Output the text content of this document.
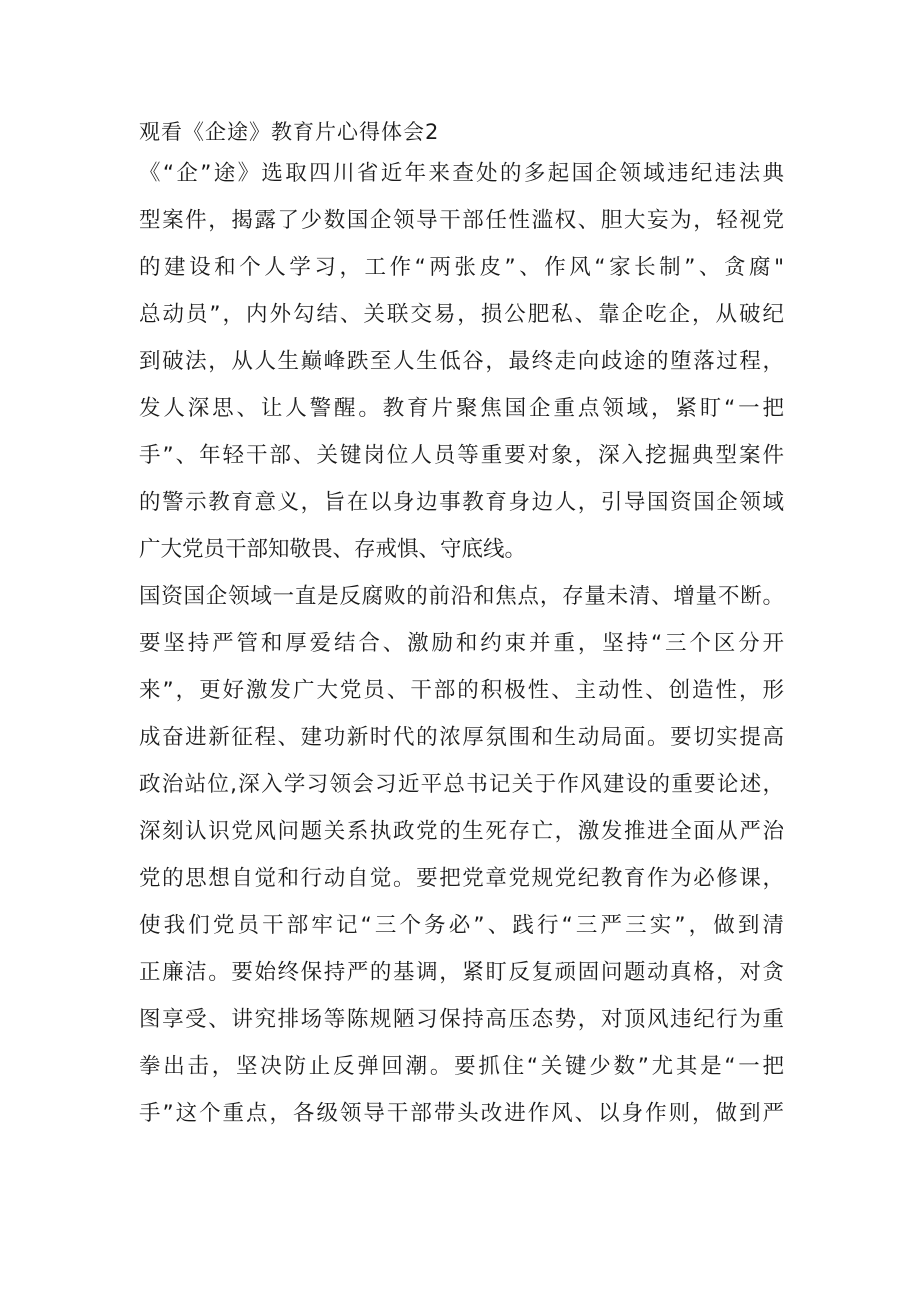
观看《企途》教育片心得体会2
《“企”途》选取四川省近年来查处的多起国企领域违纪违法典
型案件，揭露了少数国企领导干部任性滥权、胆大妄为，轻视党
的建设和个人学习，工作“两张皮”、作风“家长制”、贪腐"
总动员”，内外勾结、关联交易，损公肥私、靠企吃企，从破纪
到破法，从人生巅峰跌至人生低谷，最终走向歧途的堕落过程，
发人深思、让人警醒。教育片聚焦国企重点领域，紧盯“一把
手”、年轻干部、关键岗位人员等重要对象，深入挖掘典型案件
的警示教育意义，旨在以身边事教育身边人，引导国资国企领域
广大党员干部知敬畏、存戒惧、守底线。
国资国企领域一直是反腐败的前沿和焦点，存量未清、增量不断。
要坚持严管和厚爱结合、激励和约束并重，坚持“三个区分开
来”，更好激发广大党员、干部的积极性、主动性、创造性，形
成奋进新征程、建功新时代的浓厚氛围和生动局面。要切实提高
政治站位,深入学习领会习近平总书记关于作风建设的重要论述，
深刻认识党风问题关系执政党的生死存亡，激发推进全面从严治
党的思想自觉和行动自觉。要把党章党规党纪教育作为必修课，
使我们党员干部牢记“三个务必”、践行“三严三实”，做到清
正廉洁。要始终保持严的基调，紧盯反复顽固问题动真格，对贪
图享受、讲究排场等陈规陋习保持高压态势，对顶风违纪行为重
拳出击，坚决防止反弹回潮。要抓住“关键少数”尤其是“一把
手”这个重点，各级领导干部带头改进作风、以身作则，做到严
